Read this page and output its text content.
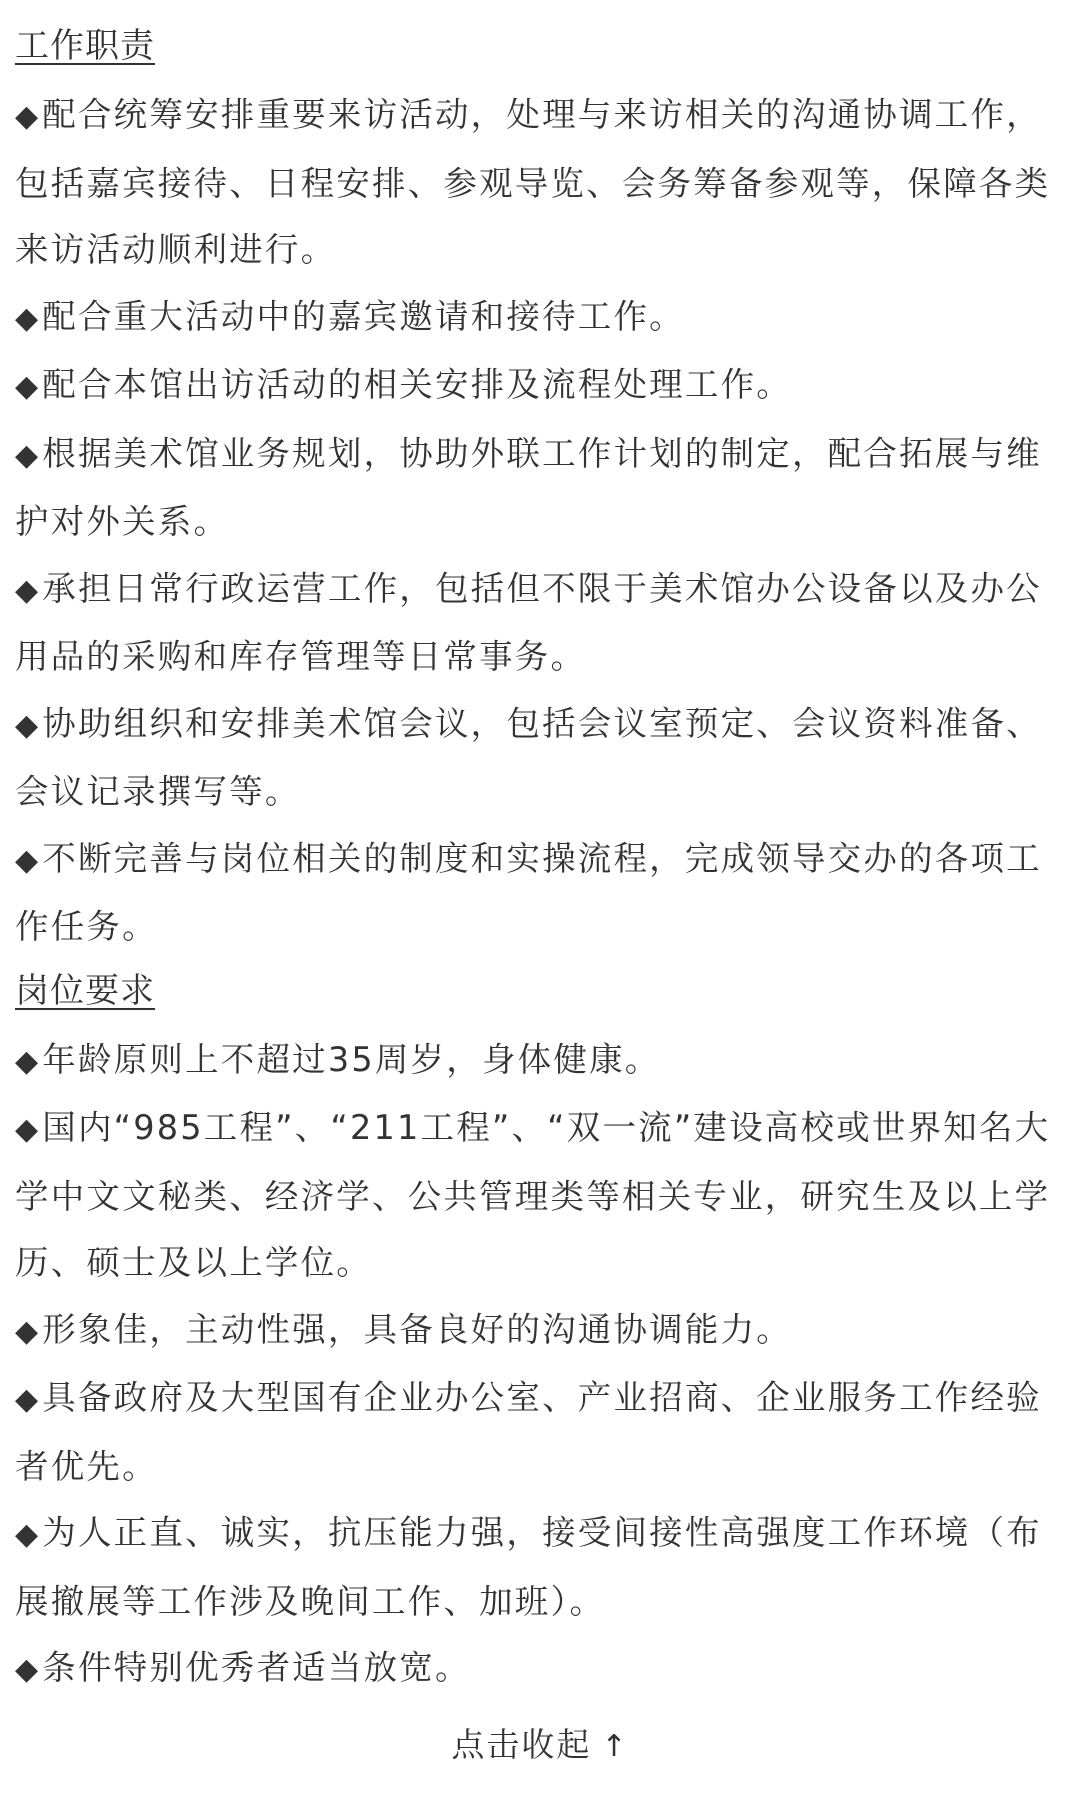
工作职责

◆配合统筹安排重要来访活动，处理与来访相关的沟通协调工作，包括嘉宾接待、日程安排、参观导览、会务筹备参观等，保障各类来访活动顺利进行。

◆配合重大活动中的嘉宾邀请和接待工作。

◆配合本馆出访活动的相关安排及流程处理工作。

◆根据美术馆业务规划，协助外联工作计划的制定，配合拓展与维护对外关系。

◆承担日常行政运营工作，包括但不限于美术馆办公设备以及办公用品的采购和库存管理等日常事务。

◆协助组织和安排美术馆会议，包括会议室预定、会议资料准备、会议记录撰写等。

◆不断完善与岗位相关的制度和实操流程，完成领导交办的各项工作任务。

岗位要求

◆年龄原则上不超过35周岁，身体健康。

◆国内“985工程”、“211工程”、“双一流”建设高校或世界知名大学中文文秘类、经济学、公共管理类等相关专业，研究生及以上学历、硕士及以上学位。

◆形象佳，主动性强，具备良好的沟通协调能力。

◆具备政府及大型国有企业办公室、产业招商、企业服务工作经验者优先。

◆为人正直、诚实，抗压能力强，接受间接性高强度工作环境（布展撤展等工作涉及晚间工作、加班）。

◆条件特别优秀者适当放宽。

点击收起 ↑
